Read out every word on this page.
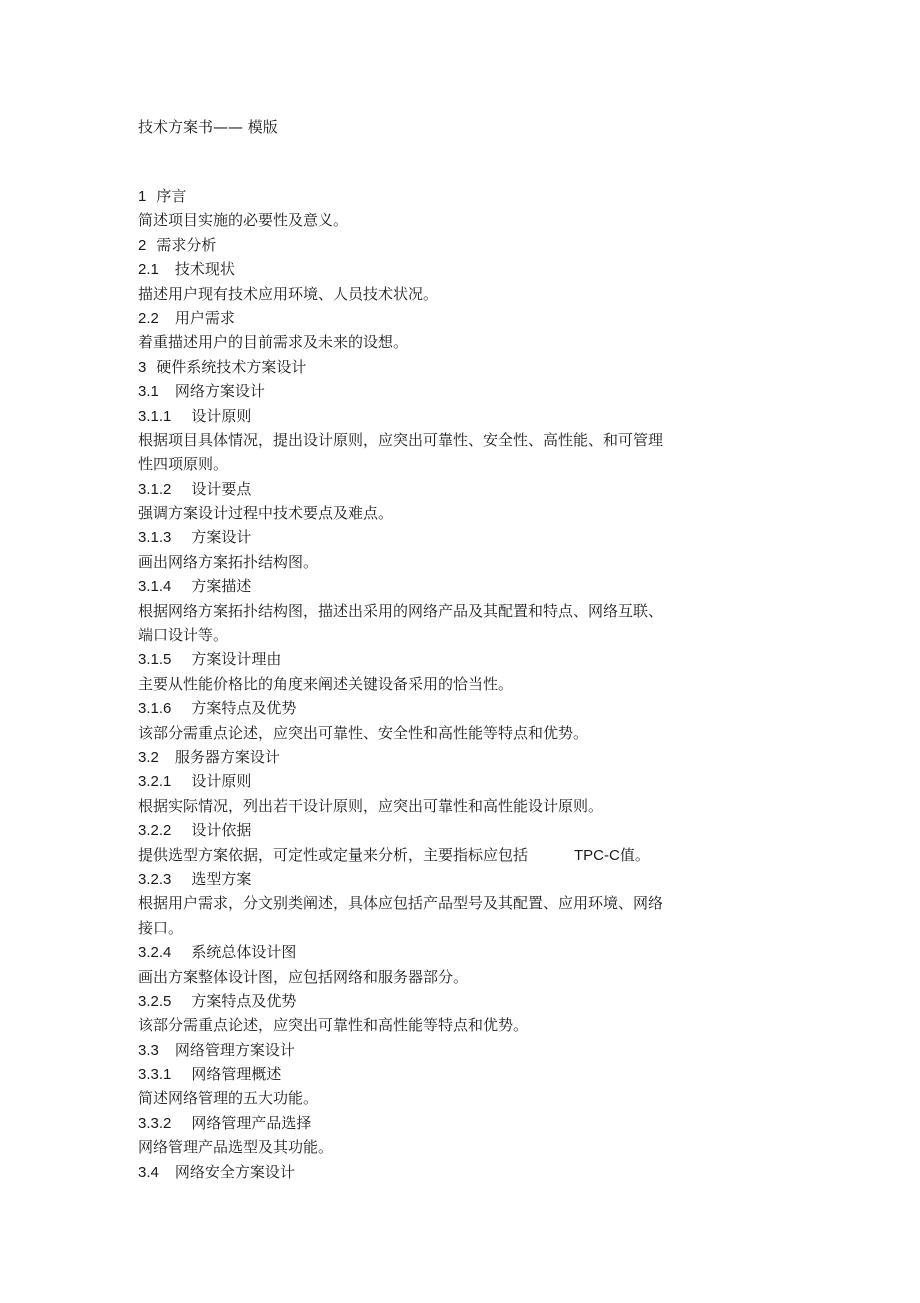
技术方案书—— 模版
1 序言
简述项目实施的必要性及意义。
2 需求分析
2.1 技术现状
描述用户现有技术应用环境、人员技术状况。
2.2 用户需求
着重描述用户的目前需求及未来的设想。
3 硬件系统技术方案设计
3.1 网络方案设计
3.1.1 设计原则
根据项目具体情况，提出设计原则，应突出可靠性、安全性、高性能、和可管理
性四项原则。
3.1.2 设计要点
强调方案设计过程中技术要点及难点。
3.1.3 方案设计
画出网络方案拓扑结构图。
3.1.4 方案描述
根据网络方案拓扑结构图，描述出采用的网络产品及其配置和特点、网络互联、
端口设计等。
3.1.5 方案设计理由
主要从性能价格比的角度来阐述关键设备采用的恰当性。
3.1.6 方案特点及优势
该部分需重点论述，应突出可靠性、安全性和高性能等特点和优势。
3.2 服务器方案设计
3.2.1 设计原则
根据实际情况，列出若干设计原则，应突出可靠性和高性能设计原则。
3.2.2 设计依据
提供选型方案依据，可定性或定量来分析，主要指标应包括	TPC-C值。
3.2.3 选型方案
根据用户需求，分文别类阐述，具体应包括产品型号及其配置、应用环境、网络
接口。
3.2.4 系统总体设计图
画出方案整体设计图，应包括网络和服务器部分。
3.2.5 方案特点及优势
该部分需重点论述，应突出可靠性和高性能等特点和优势。
3.3 网络管理方案设计
3.3.1 网络管理概述
简述网络管理的五大功能。
3.3.2 网络管理产品选择
网络管理产品选型及其功能。
3.4 网络安全方案设计
